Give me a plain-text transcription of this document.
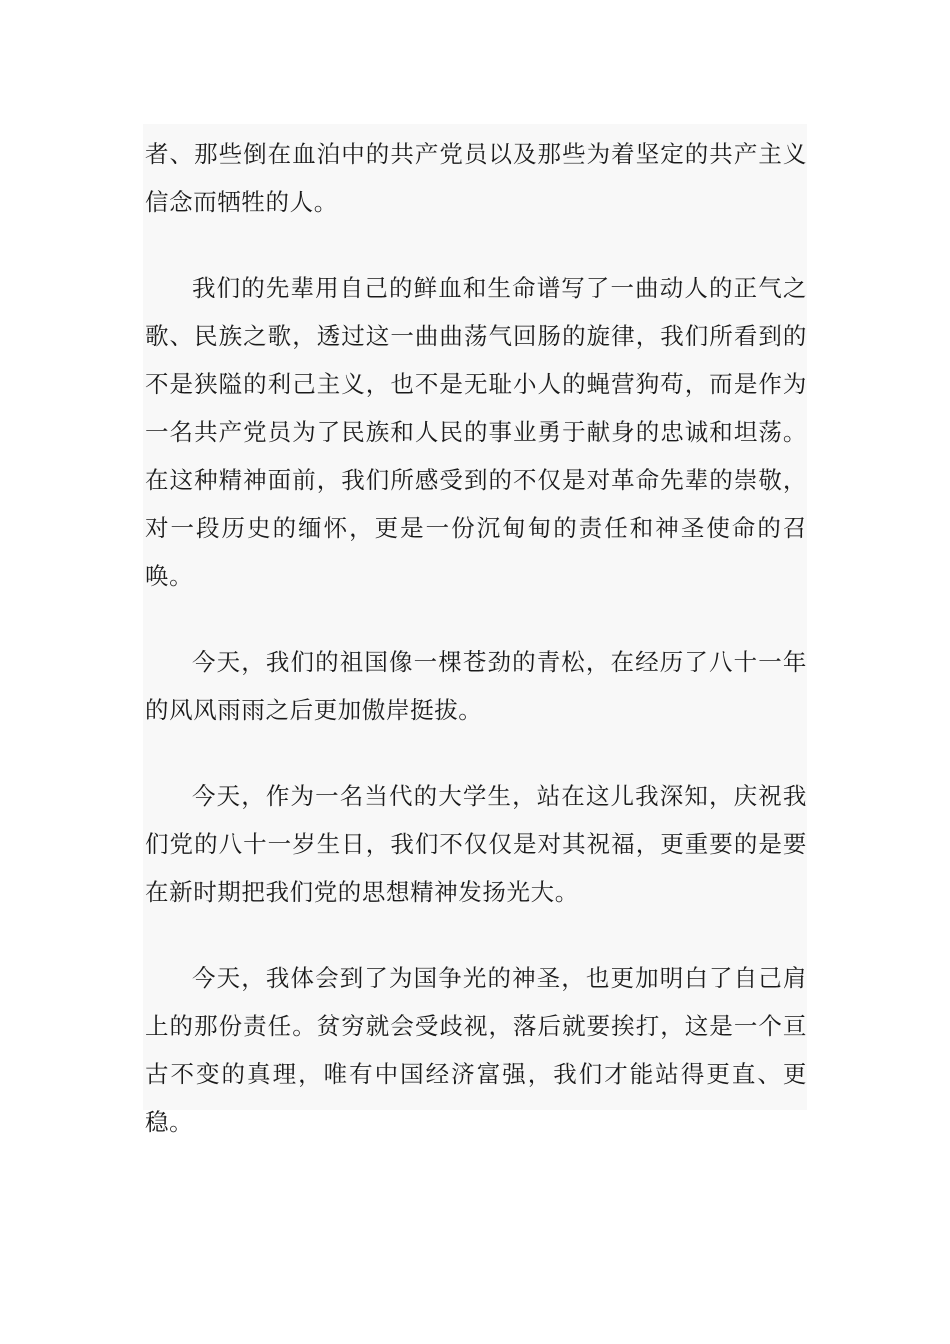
者、那些倒在血泊中的共产党员以及那些为着坚定的共产主义信念而牺牲的人。

我们的先辈用自己的鲜血和生命谱写了一曲动人的正气之歌、民族之歌，透过这一曲曲荡气回肠的旋律，我们所看到的不是狭隘的利己主义，也不是无耻小人的蝇营狗苟，而是作为一名共产党员为了民族和人民的事业勇于献身的忠诚和坦荡。在这种精神面前，我们所感受到的不仅是对革命先辈的崇敬，对一段历史的缅怀，更是一份沉甸甸的责任和神圣使命的召唤。

今天，我们的祖国像一棵苍劲的青松，在经历了八十一年的风风雨雨之后更加傲岸挺拔。

今天，作为一名当代的大学生，站在这儿我深知，庆祝我们党的八十一岁生日，我们不仅仅是对其祝福，更重要的是要在新时期把我们党的思想精神发扬光大。

今天，我体会到了为国争光的神圣，也更加明白了自己肩上的那份责任。贫穷就会受歧视，落后就要挨打，这是一个亘古不变的真理，唯有中国经济富强，我们才能站得更直、更稳。
